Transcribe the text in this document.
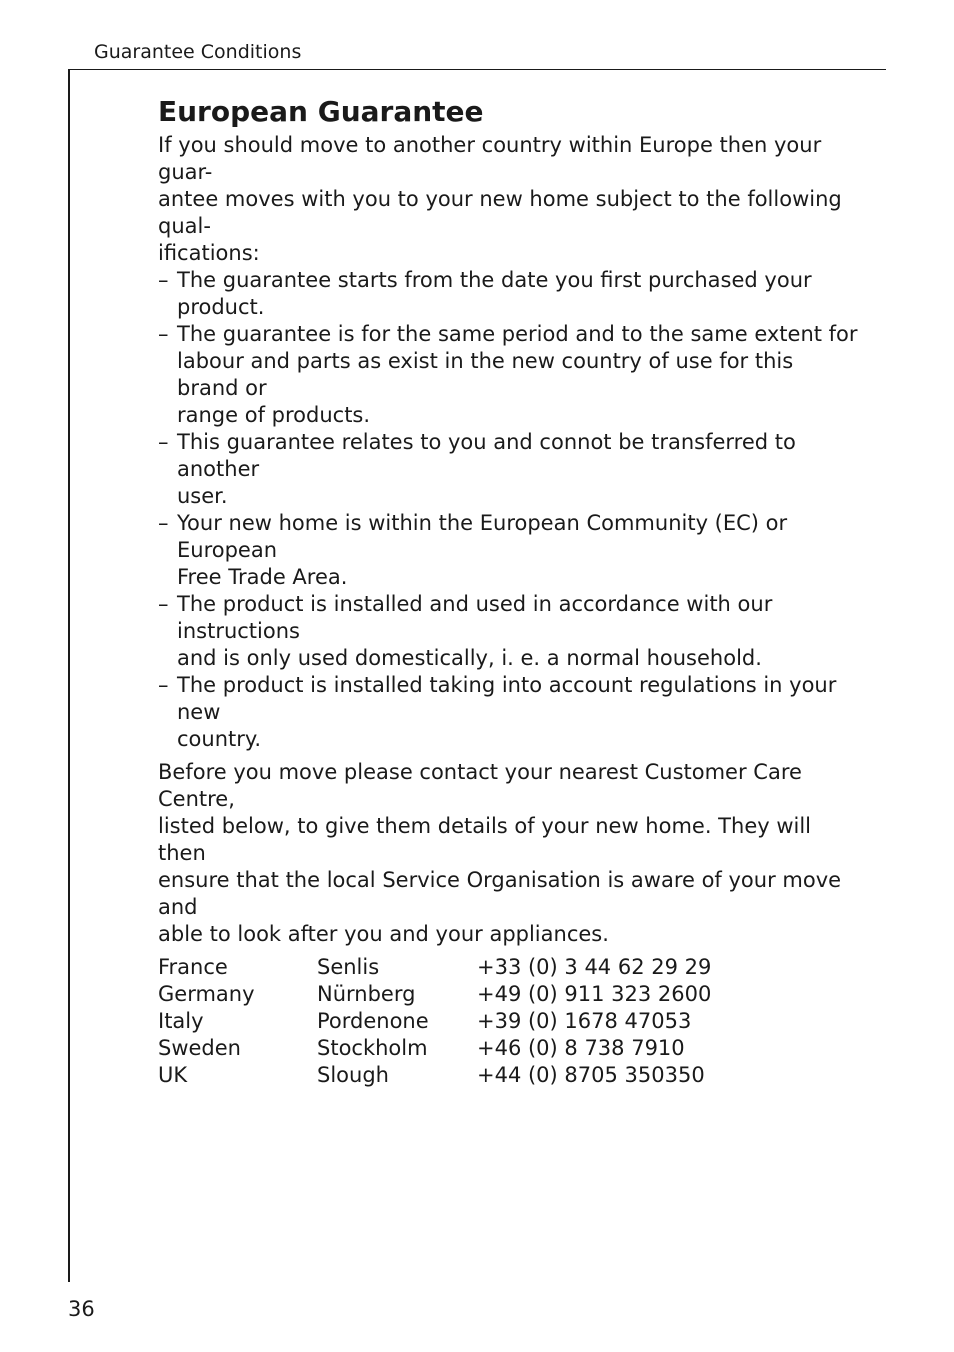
Guarantee Conditions
European Guarantee

If you should move to another country within Europe then your guar-
antee moves with you to your new home subject to the following qual-
ifications:

– The guarantee starts from the date you first purchased your product.
– The guarantee is for the same period and to the same extent for
labour and parts as exist in the new country of use for this brand or
range of products.
– This guarantee relates to you and connot be transferred to another
user.
– Your new home is within the European Community (EC) or European
Free Trade Area.
– The product is installed and used in accordance with our instructions
and is only used domestically, i. e. a normal household.
– The product is installed taking into account regulations in your new
country.

Before you move please contact your nearest Customer Care Centre,
listed below, to give them details of your new home. They will then
ensure that the local Service Organisation is aware of your move and
able to look after you and your appliances.

France	Senlis	+33 (0) 3 44 62 29 29
Germany	Nürnberg	+49 (0) 911 323 2600
Italy	Pordenone	+39 (0) 1678 47053
Sweden	Stockholm	+46 (0) 8 738 7910
UK	Slough	+44 (0) 8705 350350
36
